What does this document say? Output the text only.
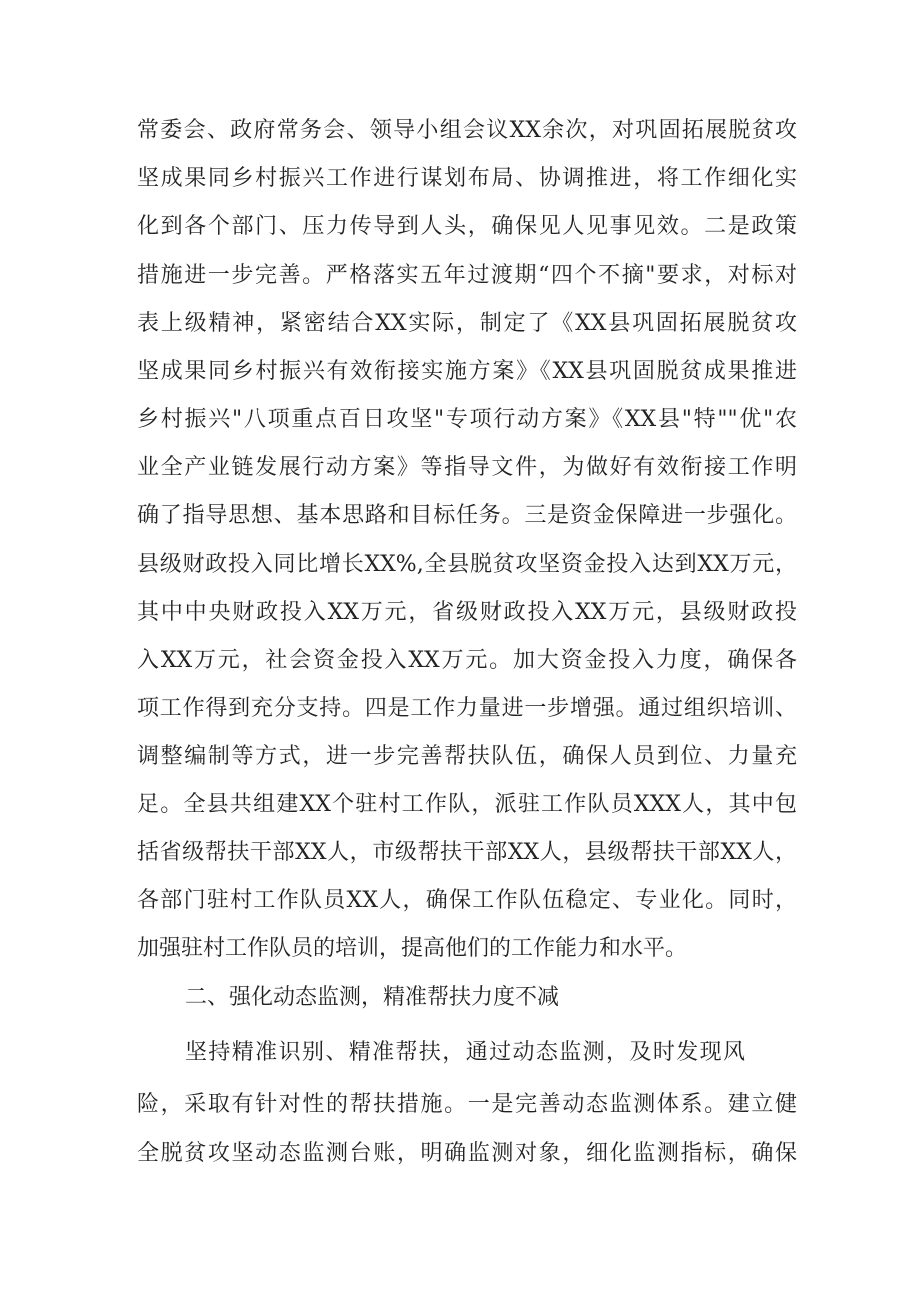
常委会、政府常务会、领导小组会议XX余次，对巩固拓展脱贫攻
坚成果同乡村振兴工作进行谋划布局、协调推进，将工作细化实
化到各个部门、压力传导到人头，确保见人见事见效。二是政策
措施进一步完善。严格落实五年过渡期“四个不摘"要求，对标对
表上级精神，紧密结合XX实际，制定了《XX县巩固拓展脱贫攻
坚成果同乡村振兴有效衔接实施方案》《XX县巩固脱贫成果推进
乡村振兴"八项重点百日攻坚"专项行动方案》《XX县"特""优"农
业全产业链发展行动方案》等指导文件，为做好有效衔接工作明
确了指导思想、基本思路和目标任务。三是资金保障进一步强化。
县级财政投入同比增长XX%,全县脱贫攻坚资金投入达到XX万元，
其中中央财政投入XX万元，省级财政投入XX万元，县级财政投
入XX万元，社会资金投入XX万元。加大资金投入力度，确保各
项工作得到充分支持。四是工作力量进一步增强。通过组织培训、
调整编制等方式，进一步完善帮扶队伍，确保人员到位、力量充
足。全县共组建XX个驻村工作队，派驻工作队员XXX人，其中包
括省级帮扶干部XX人，市级帮扶干部XX人，县级帮扶干部XX人，
各部门驻村工作队员XX人，确保工作队伍稳定、专业化。同时，
加强驻村工作队员的培训，提高他们的工作能力和水平。
二、强化动态监测，精准帮扶力度不减
坚持精准识别、精准帮扶，通过动态监测，及时发现风
险，采取有针对性的帮扶措施。一是完善动态监测体系。建立健
全脱贫攻坚动态监测台账，明确监测对象，细化监测指标，确保
